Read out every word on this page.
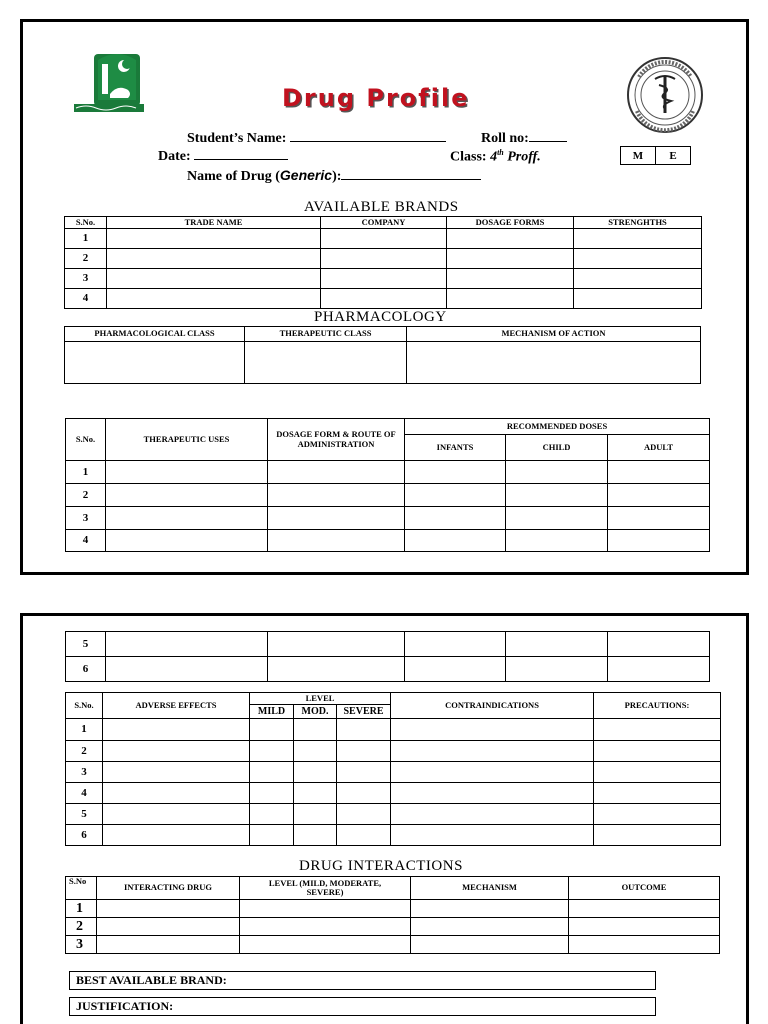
Drug Profile
Student’s Name:	Roll no:
Date:	Class: 4th Proff.	M	E
Name of Drug (Generic):
AVAILABLE BRANDS
S.No.	TRADE NAME	COMPANY	DOSAGE FORMS	STRENGHTHS
1				
2				
3				
4				
PHARMACOLOGY
PHARMACOLOGICAL CLASS	THERAPEUTIC CLASS	MECHANISM OF ACTION

S.No.	THERAPEUTIC USES	DOSAGE FORM & ROUTE OF ADMINISTRATION	RECOMMENDED DOSES		
			INFANTS	CHILD	ADULT
1					
2					
3					
4					
5					
6					
S.No.	ADVERSE EFFECTS	LEVEL			CONTRAINDICATIONS	PRECAUTIONS:
		MILD	MOD.	SEVERE		
1						
2						
3						
4						
5						
6						
DRUG INTERACTIONS
S.No	INTERACTING DRUG	LEVEL (MILD, MODERATE, SEVERE)	MECHANISM	OUTCOME
1				
2				
3				
BEST AVAILABLE BRAND:
JUSTIFICATION:
